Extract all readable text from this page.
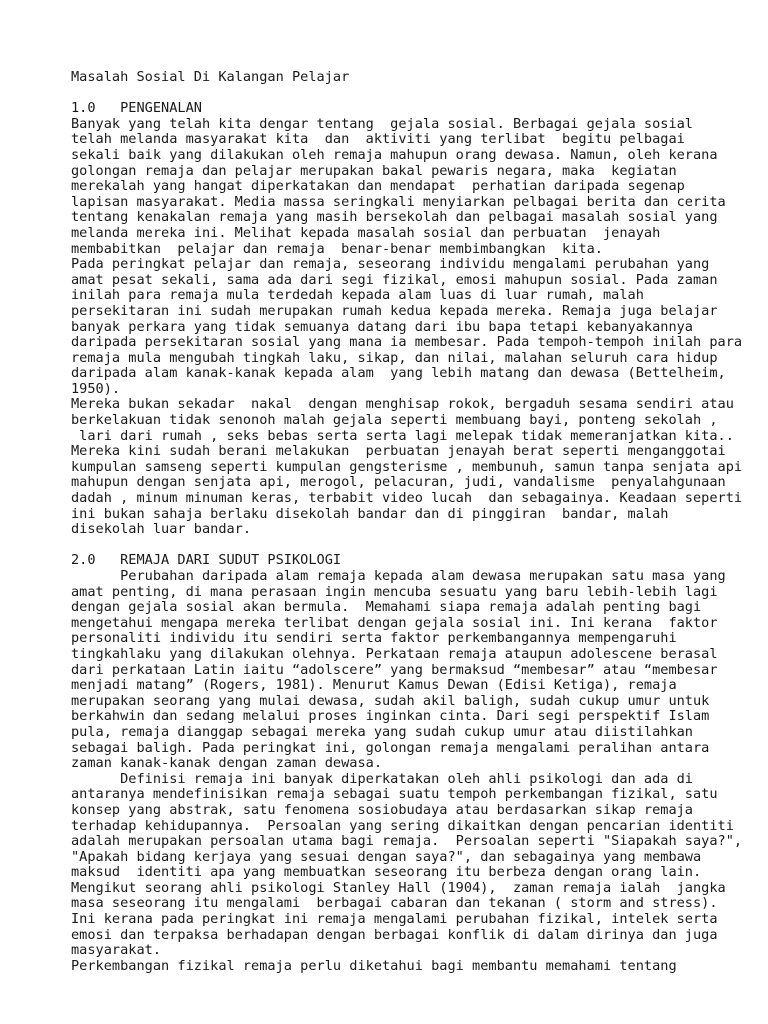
Masalah Sosial Di Kalangan Pelajar
1.0   PENGENALAN
Banyak yang telah kita dengar tentang  gejala sosial. Berbagai gejala sosial
telah melanda masyarakat kita  dan  aktiviti yang terlibat  begitu pelbagai
sekali baik yang dilakukan oleh remaja mahupun orang dewasa. Namun, oleh kerana
golongan remaja dan pelajar merupakan bakal pewaris negara, maka  kegiatan
merekalah yang hangat diperkatakan dan mendapat  perhatian daripada segenap
lapisan masyarakat. Media massa seringkali menyiarkan pelbagai berita dan cerita
tentang kenakalan remaja yang masih bersekolah dan pelbagai masalah sosial yang
melanda mereka ini. Melihat kepada masalah sosial dan perbuatan  jenayah
membabitkan  pelajar dan remaja  benar-benar membimbangkan  kita.
Pada peringkat pelajar dan remaja, seseorang individu mengalami perubahan yang
amat pesat sekali, sama ada dari segi fizikal, emosi mahupun sosial. Pada zaman
inilah para remaja mula terdedah kepada alam luas di luar rumah, malah
persekitaran ini sudah merupakan rumah kedua kepada mereka. Remaja juga belajar
banyak perkara yang tidak semuanya datang dari ibu bapa tetapi kebanyakannya
daripada persekitaran sosial yang mana ia membesar. Pada tempoh-tempoh inilah para
remaja mula mengubah tingkah laku, sikap, dan nilai, malahan seluruh cara hidup
daripada alam kanak-kanak kepada alam  yang lebih matang dan dewasa (Bettelheim,
1950).
Mereka bukan sekadar  nakal  dengan menghisap rokok, bergaduh sesama sendiri atau
berkelakuan tidak senonoh malah gejala seperti membuang bayi, ponteng sekolah ,
lari dari rumah , seks bebas serta serta lagi melepak tidak memeranjatkan kita..
Mereka kini sudah berani melakukan  perbuatan jenayah berat seperti menganggotai
kumpulan samseng seperti kumpulan gengsterisme , membunuh, samun tanpa senjata api
mahupun dengan senjata api, merogol, pelacuran, judi, vandalisme  penyalahgunaan
dadah , minum minuman keras, terbabit video lucah  dan sebagainya. Keadaan seperti
ini bukan sahaja berlaku disekolah bandar dan di pinggiran  bandar, malah
disekolah luar bandar.
2.0   REMAJA DARI SUDUT PSIKOLOGI
Perubahan daripada alam remaja kepada alam dewasa merupakan satu masa yang
amat penting, di mana perasaan ingin mencuba sesuatu yang baru lebih-lebih lagi
dengan gejala sosial akan bermula.  Memahami siapa remaja adalah penting bagi
mengetahui mengapa mereka terlibat dengan gejala sosial ini. Ini kerana  faktor
personaliti individu itu sendiri serta faktor perkembangannya mempengaruhi
tingkahlaku yang dilakukan olehnya. Perkataan remaja ataupun adolescene berasal
dari perkataan Latin iaitu “adolscere” yang bermaksud “membesar” atau “membesar
menjadi matang” (Rogers, 1981). Menurut Kamus Dewan (Edisi Ketiga), remaja
merupakan seorang yang mulai dewasa, sudah akil baligh, sudah cukup umur untuk
berkahwin dan sedang melalui proses inginkan cinta. Dari segi perspektif Islam
pula, remaja dianggap sebagai mereka yang sudah cukup umur atau diistilahkan
sebagai baligh. Pada peringkat ini, golongan remaja mengalami peralihan antara
zaman kanak-kanak dengan zaman dewasa.
Definisi remaja ini banyak diperkatakan oleh ahli psikologi dan ada di
antaranya mendefinisikan remaja sebagai suatu tempoh perkembangan fizikal, satu
konsep yang abstrak, satu fenomena sosiobudaya atau berdasarkan sikap remaja
terhadap kehidupannya.  Persoalan yang sering dikaitkan dengan pencarian identiti
adalah merupakan persoalan utama bagi remaja.  Persoalan seperti "Siapakah saya?",
"Apakah bidang kerjaya yang sesuai dengan saya?", dan sebagainya yang membawa
maksud  identiti apa yang membuatkan seseorang itu berbeza dengan orang lain.
Mengikut seorang ahli psikologi Stanley Hall (1904),  zaman remaja ialah  jangka
masa seseorang itu mengalami  berbagai cabaran dan tekanan ( storm and stress).
Ini kerana pada peringkat ini remaja mengalami perubahan fizikal, intelek serta
emosi dan terpaksa berhadapan dengan berbagai konflik di dalam dirinya dan juga
masyarakat.
Perkembangan fizikal remaja perlu diketahui bagi membantu memahami tentang
